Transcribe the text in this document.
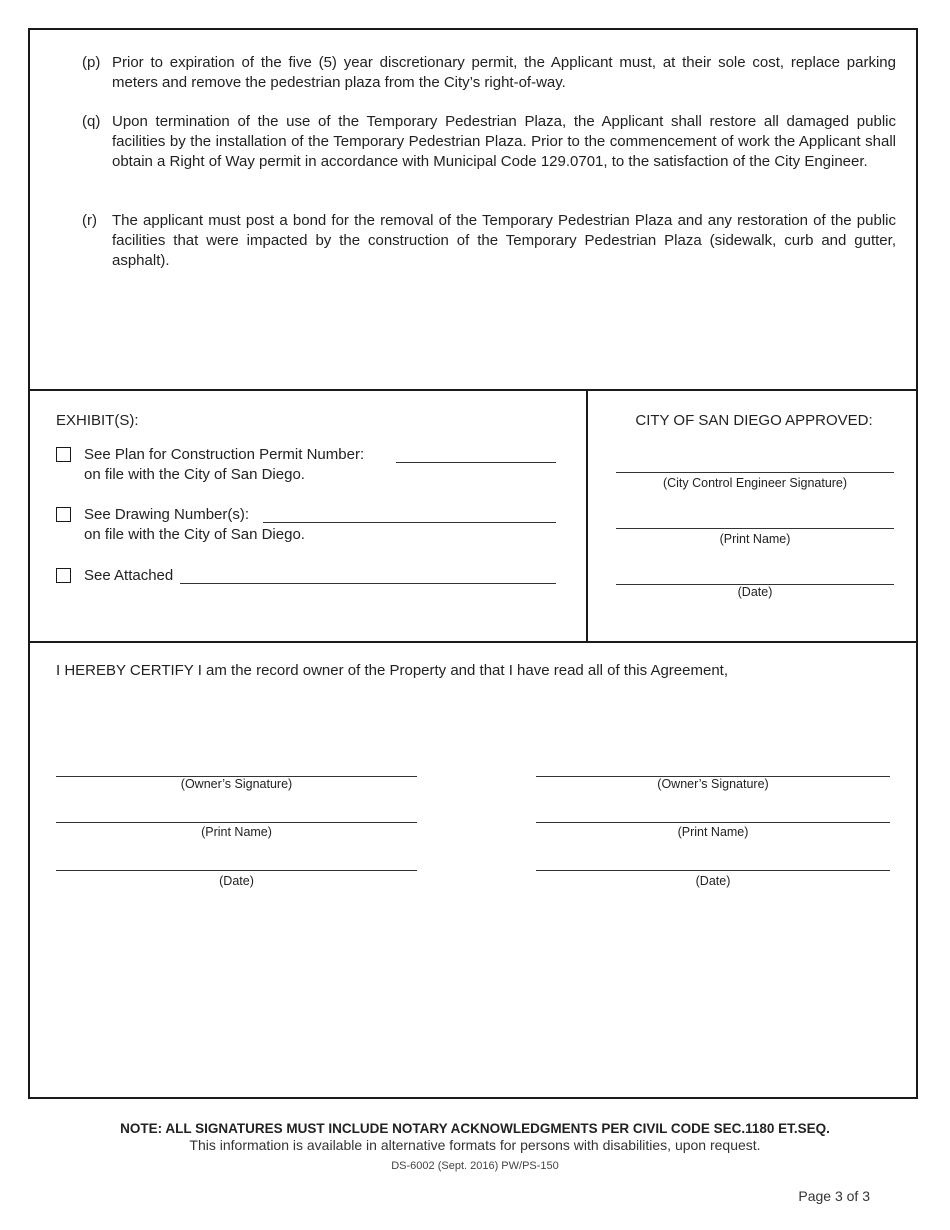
(p) Prior to expiration of the five (5) year discretionary permit, the Applicant must, at their sole cost, replace parking meters and remove the pedestrian plaza from the City’s right-of-way.
(q) Upon termination of the use of the Temporary Pedestrian Plaza, the Applicant shall restore all damaged public facilities by the installation of the Temporary Pedestrian Plaza. Prior to the commencement of work the Applicant shall obtain a Right of Way permit in accordance with Municipal Code 129.0701, to the satisfaction of the City Engineer.
(r) The applicant must post a bond for the removal of the Temporary Pedestrian Plaza and any restoration of the public facilities that were impacted by the construction of the Temporary Pedestrian Plaza (sidewalk, curb and gutter, asphalt).
EXHIBIT(S):
See Plan for Construction Permit Number:
on file with the City of San Diego.
See Drawing Number(s):
on file with the City of San Diego.
See Attached
CITY OF SAN DIEGO APPROVED:
(City Control Engineer Signature)
(Print Name)
(Date)
I HEREBY CERTIFY I am the record owner of the Property and that I have read all of this Agreement,
(Owner’s Signature)
(Print Name)
(Date)
(Owner’s Signature)
(Print Name)
(Date)
NOTE: ALL SIGNATURES MUST INCLUDE NOTARY ACKNOWLEDGMENTS PER CIVIL CODE SEC.1180 ET.SEQ.
This information is available in alternative formats for persons with disabilities, upon request.
DS-6002 (Sept. 2016) PW/PS-150
Page 3 of 3
